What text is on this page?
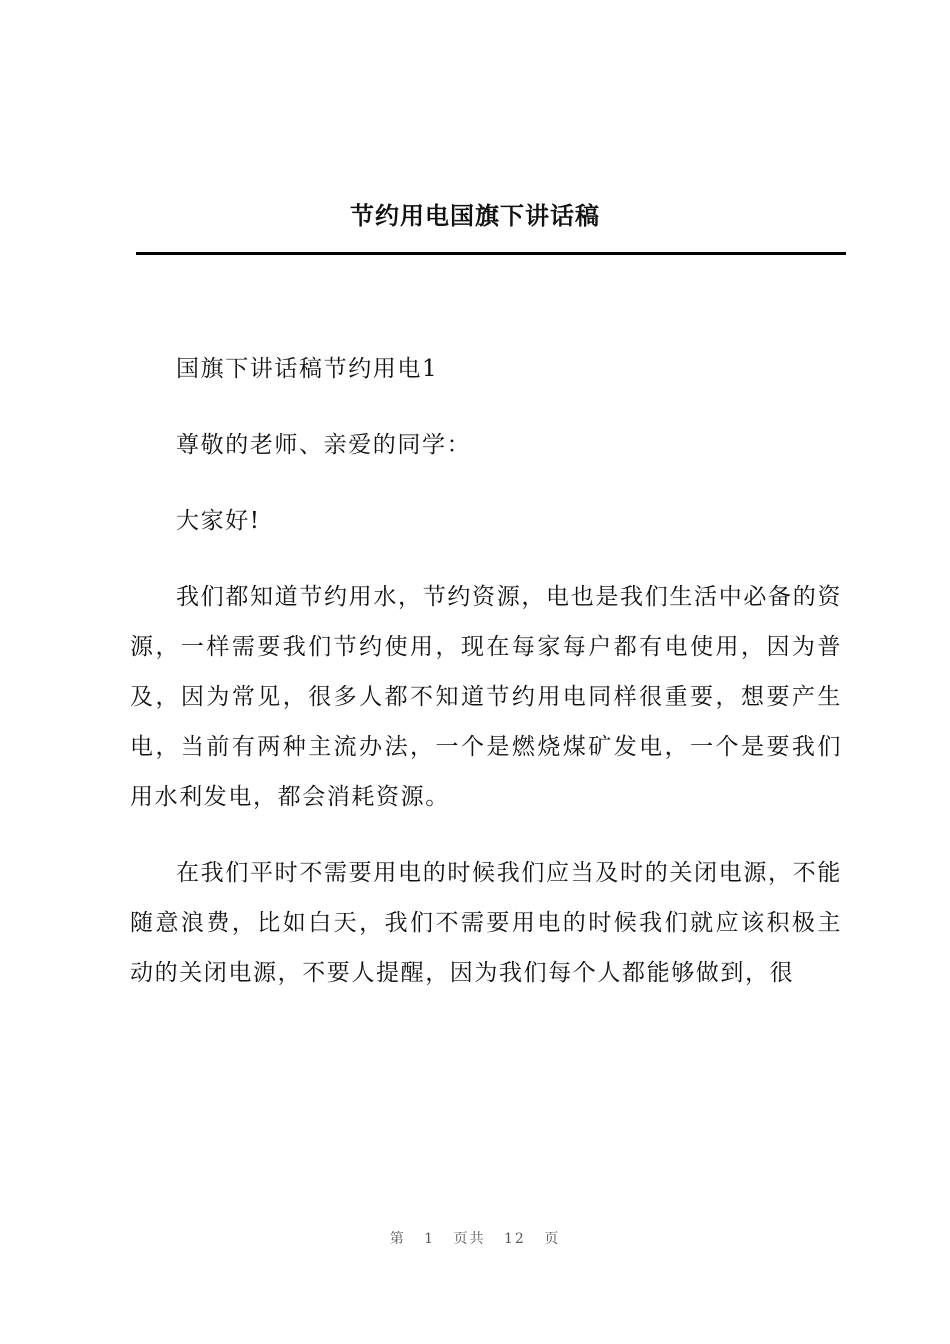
节约用电国旗下讲话稿

国旗下讲话稿节约用电1

尊敬的老师、亲爱的同学：

大家好!

我们都知道节约用水，节约资源，电也是我们生活中必备的资源，一样需要我们节约使用，现在每家每户都有电使用，因为普及，因为常见，很多人都不知道节约用电同样很重要，想要产生电，当前有两种主流办法，一个是燃烧煤矿发电，一个是要我们用水利发电，都会消耗资源。

在我们平时不需要用电的时候我们应当及时的关闭电源，不能随意浪费，比如白天，我们不需要用电的时候我们就应该积极主动的关闭电源，不要人提醒，因为我们每个人都能够做到，很

第 1 页共 12 页
